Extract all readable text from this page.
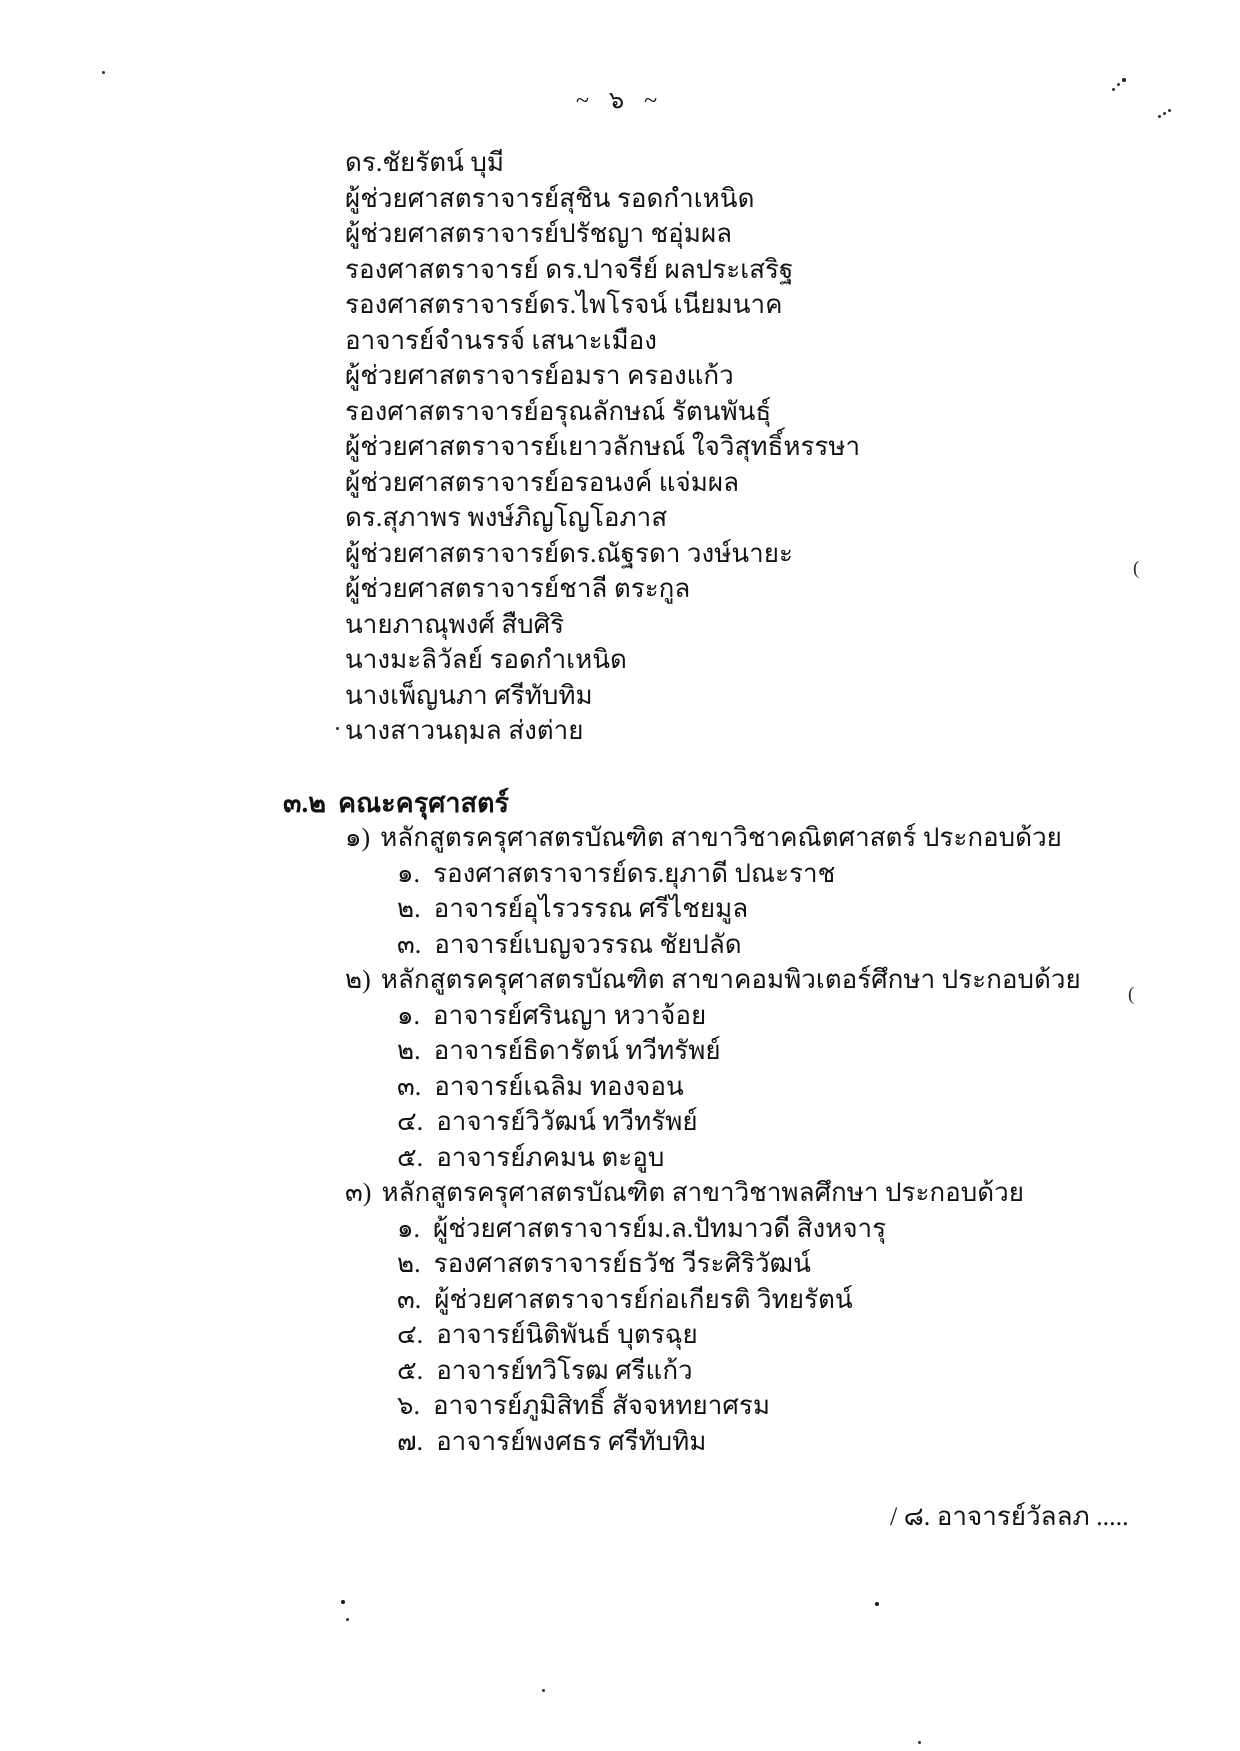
~ ๖ ~
ดร.ชัยรัตน์ บุมี
ผู้ช่วยศาสตราจารย์สุชิน รอดกำเหนิด
ผู้ช่วยศาสตราจารย์ปรัชญา ชอุ่มผล
รองศาสตราจารย์ ดร.ปาจรีย์ ผลประเสริฐ
รองศาสตราจารย์ดร.ไพโรจน์ เนียมนาค
อาจารย์จำนรรจ์ เสนาะเมือง
ผู้ช่วยศาสตราจารย์อมรา ครองแก้ว
รองศาสตราจารย์อรุณลักษณ์ รัตนพันธุ์
ผู้ช่วยศาสตราจารย์เยาวลักษณ์ ใจวิสุทธิ์หรรษา
ผู้ช่วยศาสตราจารย์อรอนงค์ แจ่มผล
ดร.สุภาพร พงษ์ภิญโญโอภาส
ผู้ช่วยศาสตราจารย์ดร.ณัฐรดา วงษ์นายะ
ผู้ช่วยศาสตราจารย์ชาลี ตระกูล
นายภาณุพงศ์ สืบศิริ
นางมะลิวัลย์ รอดกำเหนิด
นางเพ็ญนภา ศรีทับทิม
นางสาวนฤมล ส่งต่าย
๓.๒ คณะครุศาสตร์
๑) หลักสูตรครุศาสตรบัณฑิต สาขาวิชาคณิตศาสตร์ ประกอบด้วย
๑. รองศาสตราจารย์ดร.ยุภาดี ปณะราช
๒. อาจารย์อุไรวรรณ ศรีไชยมูล
๓. อาจารย์เบญจวรรณ ชัยปลัด
๒) หลักสูตรครุศาสตรบัณฑิต สาขาคอมพิวเตอร์ศึกษา ประกอบด้วย
๑. อาจารย์ศรินญา หวาจ้อย
๒. อาจารย์ธิดารัตน์ ทวีทรัพย์
๓. อาจารย์เฉลิม ทองจอน
๔. อาจารย์วิวัฒน์ ทวีทรัพย์
๕. อาจารย์ภคมน ตะอูบ
๓) หลักสูตรครุศาสตรบัณฑิต สาขาวิชาพลศึกษา ประกอบด้วย
๑. ผู้ช่วยศาสตราจารย์ม.ล.ปัทมาวดี สิงหจารุ
๒. รองศาสตราจารย์ธวัช วีระศิริวัฒน์
๓. ผู้ช่วยศาสตราจารย์ก่อเกียรติ วิทยรัตน์
๔. อาจารย์นิติพันธ์ บุตรฉุย
๕. อาจารย์ทวิโรฒ ศรีแก้ว
๖. อาจารย์ภูมิสิทธิ์ สัจจหทยาศรม
๗. อาจารย์พงศธร ศรีทับทิม
/ ๘. อาจารย์วัลลภ .....
(
(
